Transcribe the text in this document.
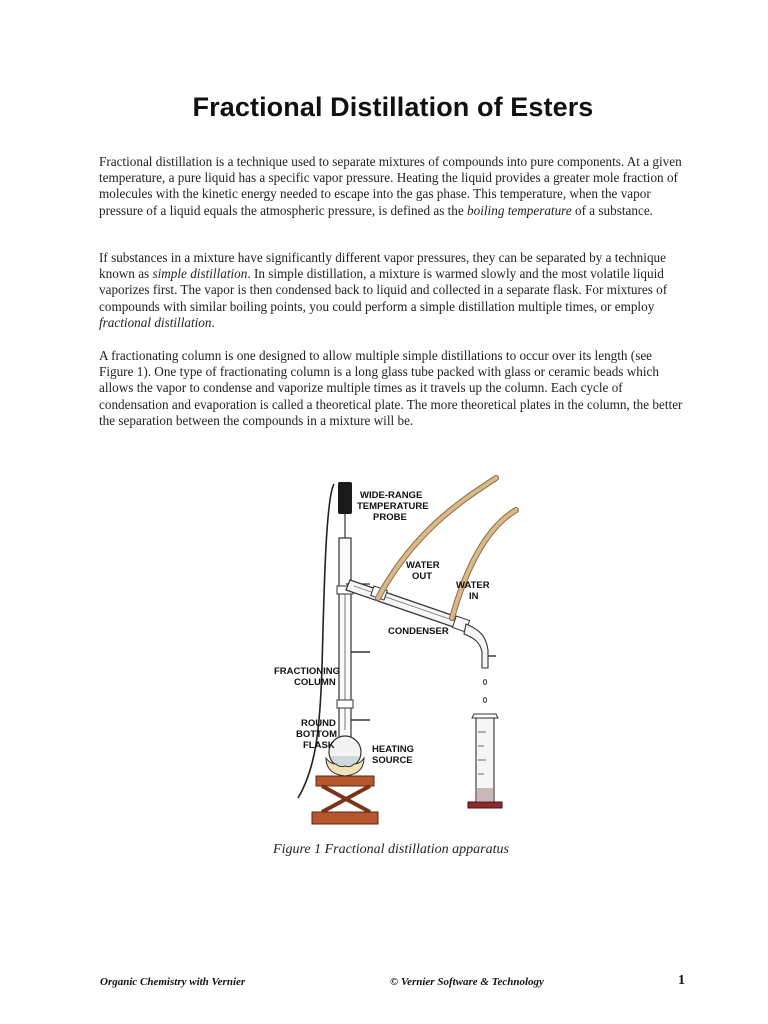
Fractional Distillation of Esters

Fractional distillation is a technique used to separate mixtures of compounds into pure components. At a given temperature, a pure liquid has a specific vapor pressure. Heating the liquid provides a greater mole fraction of molecules with the kinetic energy needed to escape into the gas phase. This temperature, when the vapor pressure of a liquid equals the atmospheric pressure, is defined as the boiling temperature of a substance.

If substances in a mixture have significantly different vapor pressures, they can be separated by a technique known as simple distillation. In simple distillation, a mixture is warmed slowly and the most volatile liquid vaporizes first. The vapor is then condensed back to liquid and collected in a separate flask. For mixtures of compounds with similar boiling points, you could perform a simple distillation multiple times, or employ fractional distillation.

A fractionating column is one designed to allow multiple simple distillations to occur over its length (see Figure 1). One type of fractionating column is a long glass tube packed with glass or ceramic beads which allows the vapor to condense and vaporize multiple times as it travels up the column. Each cycle of condensation and evaporation is called a theoretical plate. The more theoretical plates in the column, the better the separation between the compounds in a mixture will be.

WIDE-RANGE
TEMPERATURE
PROBE
WATER
OUT
WATER
IN
CONDENSER
FRACTIONING
COLUMN
ROUND
BOTTOM
FLASK	HEATING
SOURCE
Figure 1 Fractional distillation apparatus
Organic Chemistry with Vernier	© Vernier Software & Technology	1
